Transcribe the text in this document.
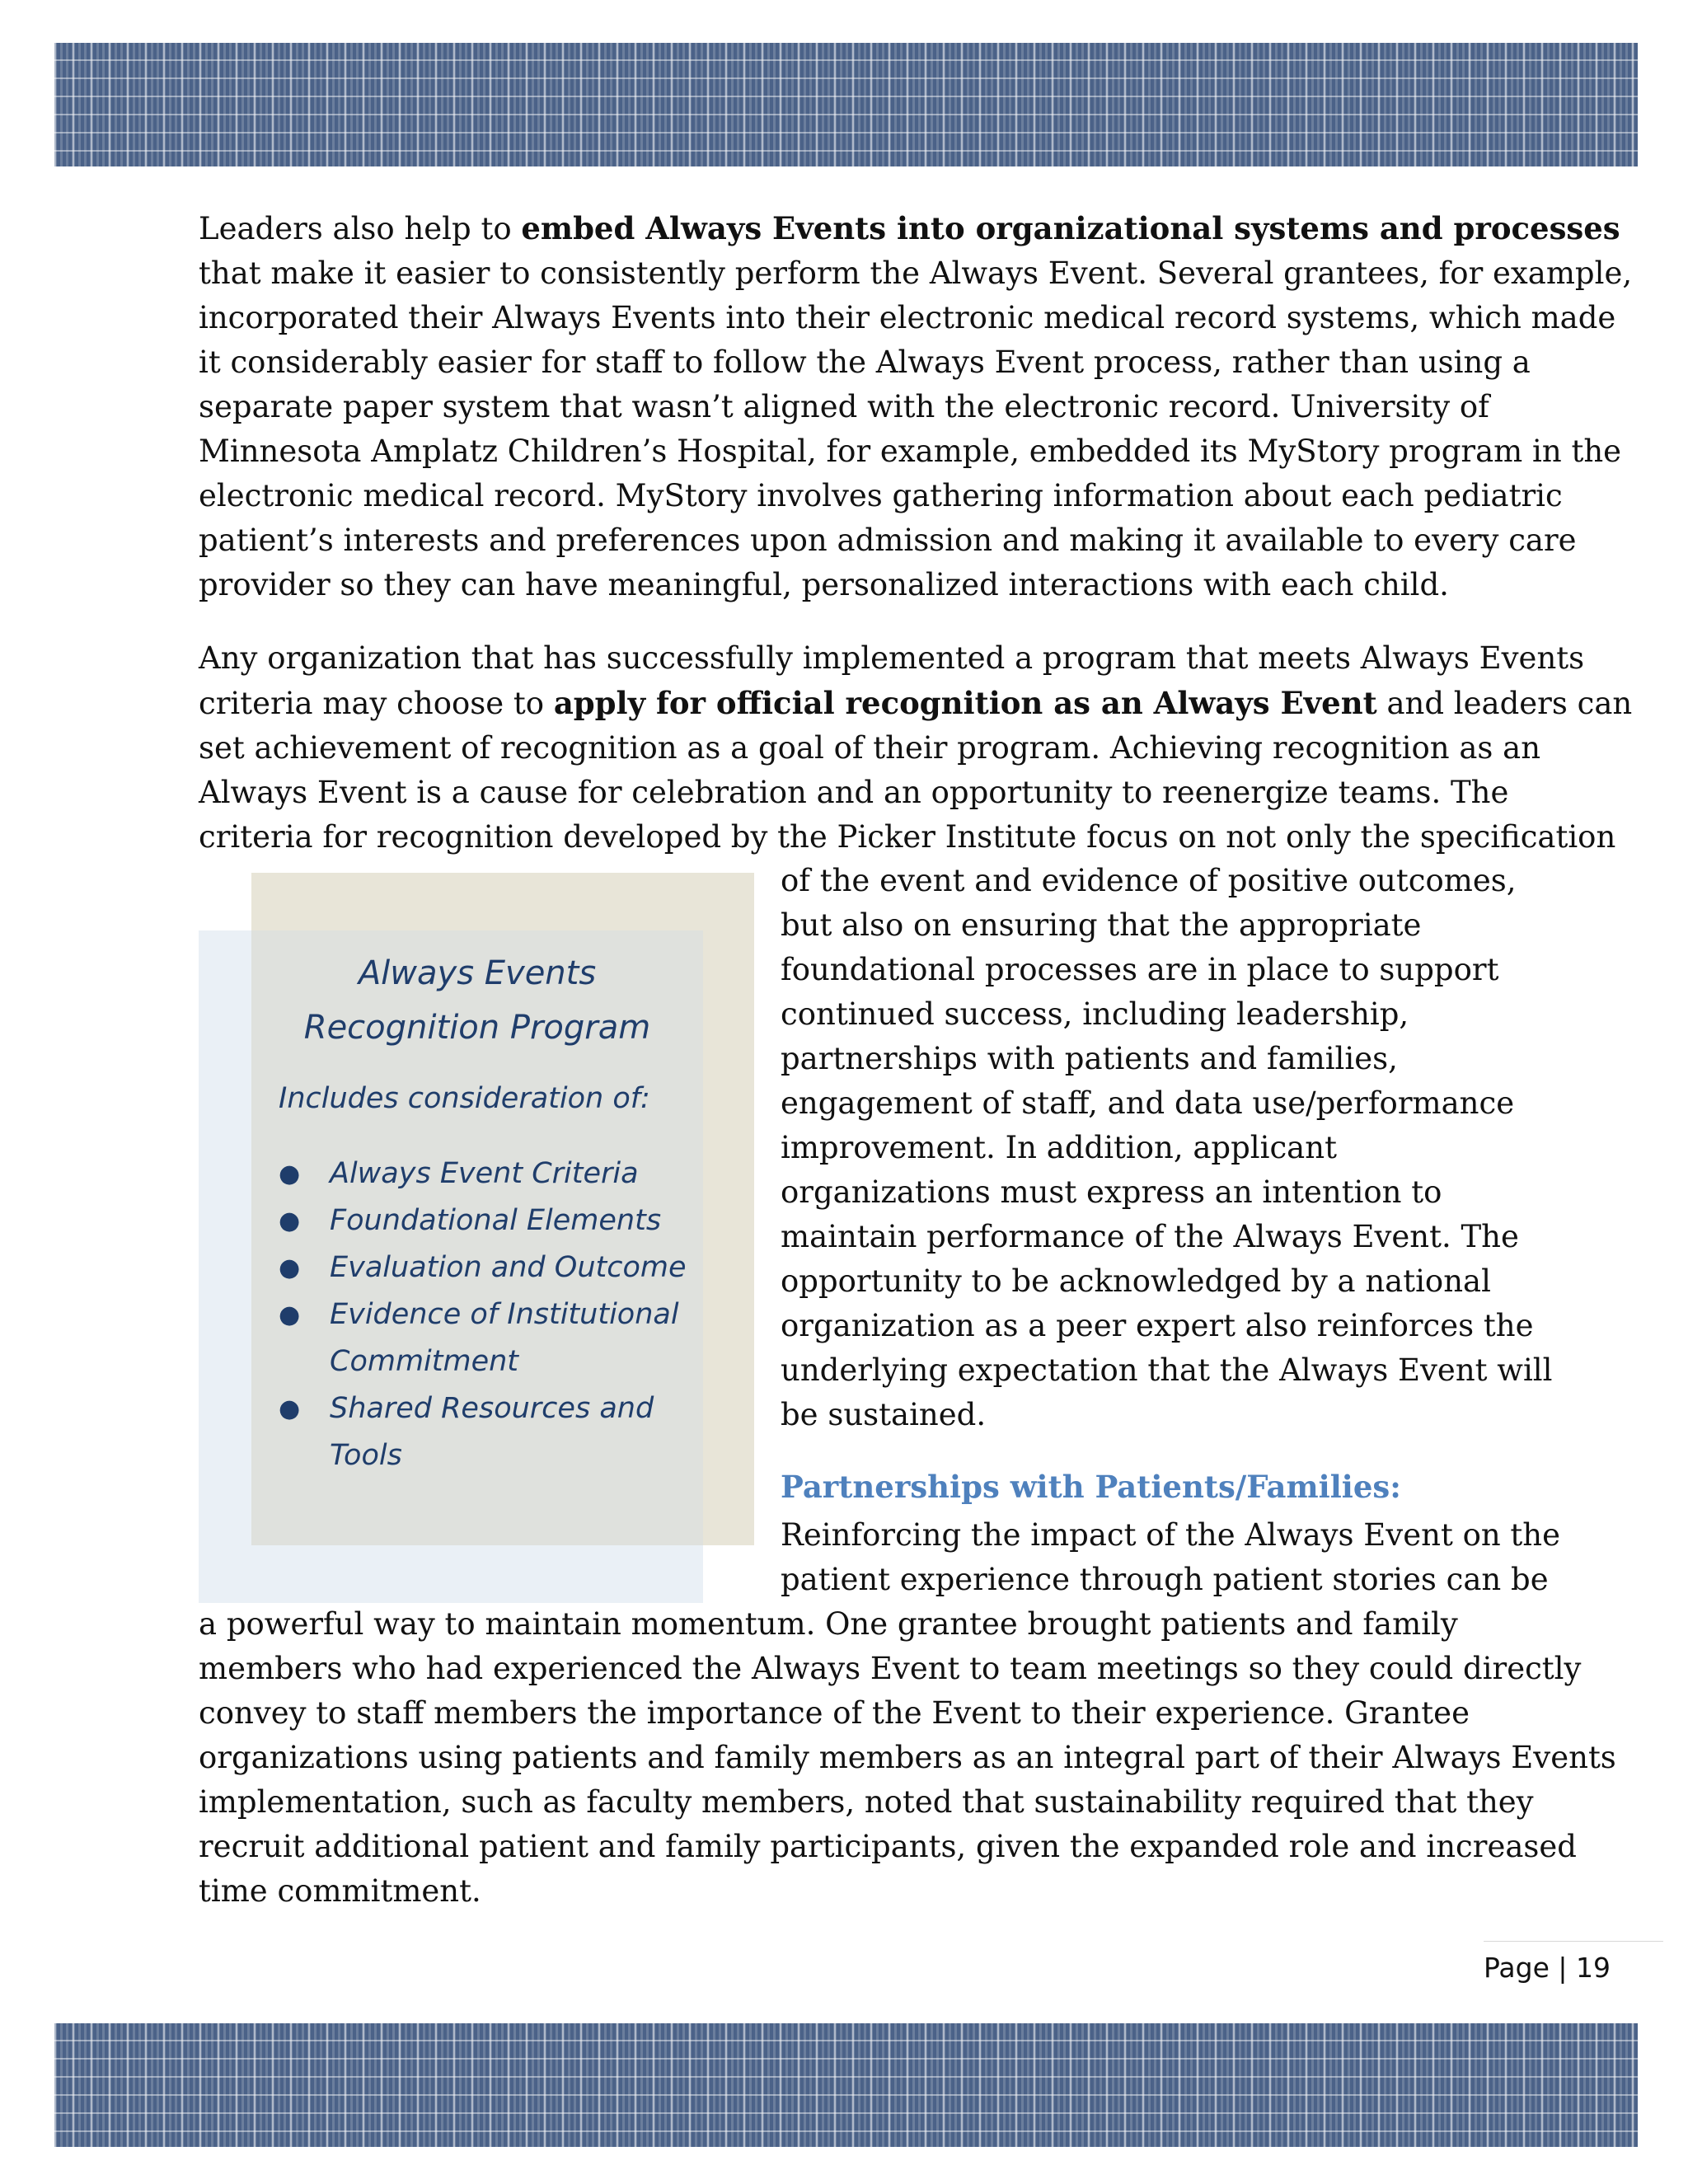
Leaders also help to embed Always Events into organizational systems and processes
that make it easier to consistently perform the Always Event. Several grantees, for example,
incorporated their Always Events into their electronic medical record systems, which made
it considerably easier for staff to follow the Always Event process, rather than using a
separate paper system that wasn’t aligned with the electronic record. University of
Minnesota Amplatz Children’s Hospital, for example, embedded its MyStory program in the
electronic medical record. MyStory involves gathering information about each pediatric
patient’s interests and preferences upon admission and making it available to every care
provider so they can have meaningful, personalized interactions with each child.
Any organization that has successfully implemented a program that meets Always Events
criteria may choose to apply for official recognition as an Always Event and leaders can
set achievement of recognition as a goal of their program. Achieving recognition as an
Always Event is a cause for celebration and an opportunity to reenergize teams. The
criteria for recognition developed by the Picker Institute focus on not only the specification
of the event and evidence of positive outcomes,
but also on ensuring that the appropriate
foundational processes are in place to support
continued success, including leadership,
partnerships with patients and families,
engagement of staff, and data use/performance
improvement. In addition, applicant
organizations must express an intention to
maintain performance of the Always Event. The
opportunity to be acknowledged by a national
organization as a peer expert also reinforces the
underlying expectation that the Always Event will
be sustained.

Always Events
Recognition Program

Includes consideration of:

● Always Event Criteria
● Foundational Elements
● Evaluation and Outcome
● Evidence of Institutional
Commitment
● Shared Resources and
Tools

Partnerships with Patients/Families:

Reinforcing the impact of the Always Event on the
patient experience through patient stories can be
a powerful way to maintain momentum. One grantee brought patients and family
members who had experienced the Always Event to team meetings so they could directly
convey to staff members the importance of the Event to their experience. Grantee
organizations using patients and family members as an integral part of their Always Events
implementation, such as faculty members, noted that sustainability required that they
recruit additional patient and family participants, given the expanded role and increased
time commitment.
Page | 19
